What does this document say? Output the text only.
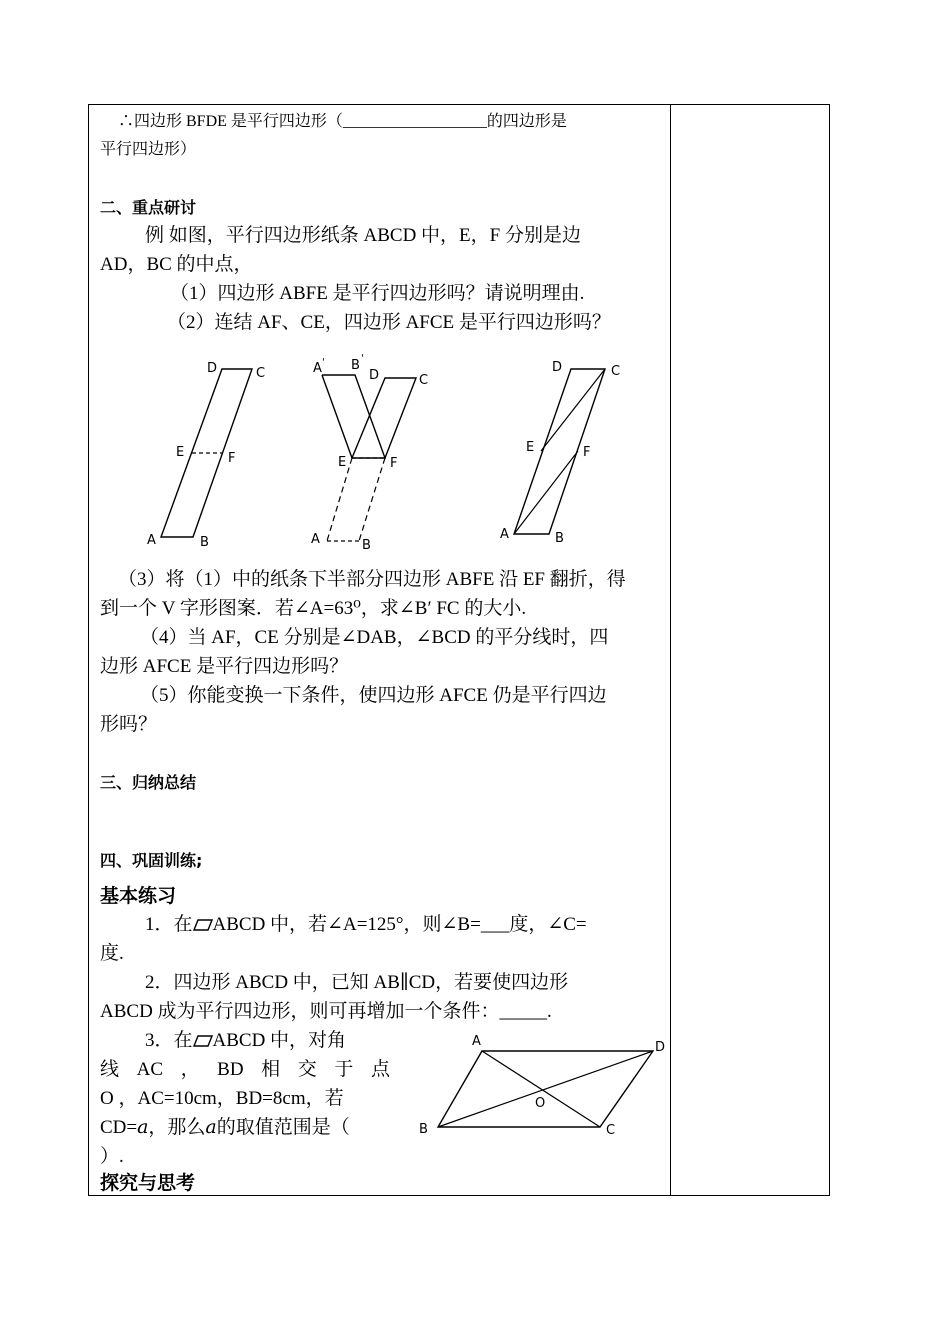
∴四边形 BFDE 是平行四边形（__________________的四边形是
平行四边形）
二、重点研讨
例 如图，平行四边形纸条 ABCD 中，E，F 分别是边
AD，BC 的中点，
（1）四边形 ABFE 是平行四边形吗？请说明理由.
（2）连结 AF、CE，四边形 AFCE 是平行四边形吗？
D	C
E	F
A	B
A ' B '
D	C
E	F
A	B
D	C
E	F
A	B
（3）将（1）中的纸条下半部分四边形 ABFE 沿 EF 翻折，得
到一个 V 字形图案．若∠A=63⁰，求∠B′ FC 的大小.
（4）当 AF，CE 分别是∠DAB，∠BCD 的平分线时，四
边形 AFCE 是平行四边形吗？
（5）你能变换一下条件，使四边形 AFCE 仍是平行四边
形吗？
三、归纳总结
四、巩固训练;
基本练习
1．在 ABCD 中，若∠A=125°，则∠B=___度，∠C=
度.
2．四边形 ABCD 中，已知 AB∥CD，若要使四边形
ABCD 成为平行四边形，则可再增加一个条件：_____.
3．在 ABCD 中，对角
线 AC ， BD 相 交 于 点
O ，AC=10cm，BD=8cm，若
CD=𝑎，那么𝑎的取值范围是（
）.
A	D
O
B	C
探究与思考
